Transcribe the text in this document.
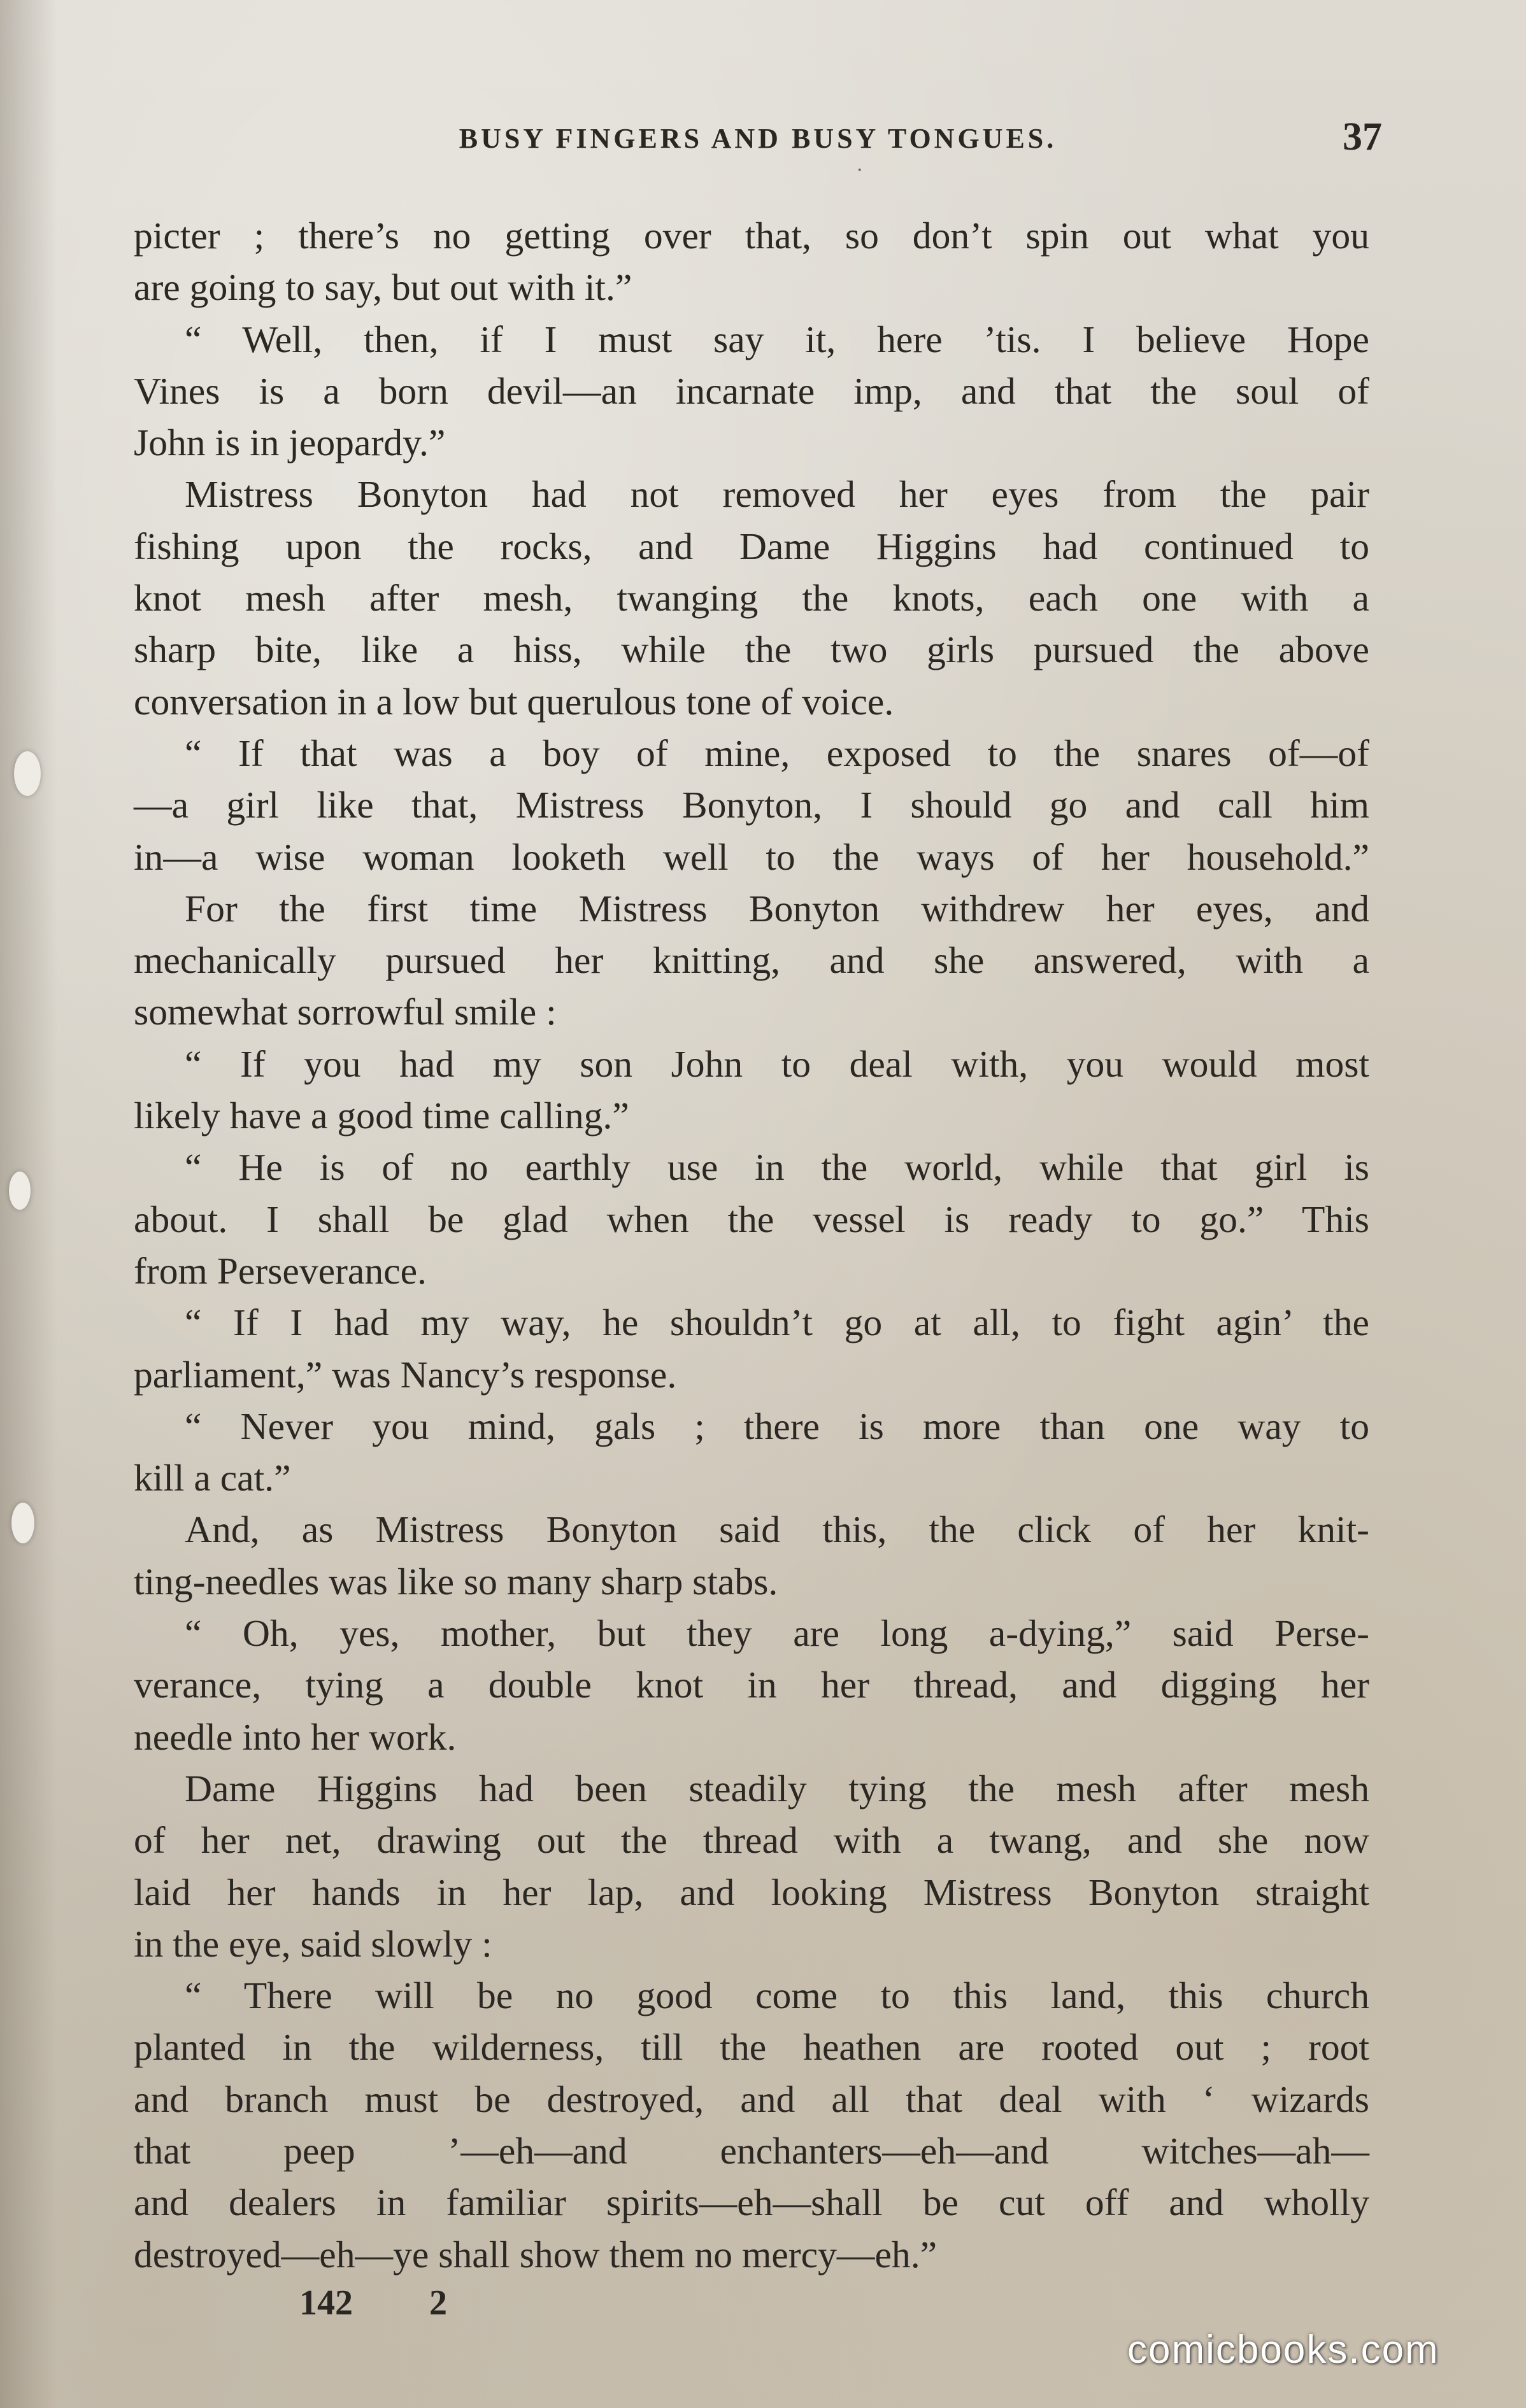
·
BUSY FINGERS AND BUSY TONGUES.	37
picter ; there’s no getting over that, so don’t spin out what you
are going to say, but out with it.”
“ Well, then, if I must say it, here ’tis. I believe Hope
Vines is a born devil—an incarnate imp, and that the soul of
John is in jeopardy.”
Mistress Bonyton had not removed her eyes from the pair
fishing upon the rocks, and Dame Higgins had continued to
knot mesh after mesh, twanging the knots, each one with a
sharp bite, like a hiss, while the two girls pursued the above
conversation in a low but querulous tone of voice.
“ If that was a boy of mine, exposed to the snares of—of
—a girl like that, Mistress Bonyton, I should go and call him
in—a wise woman looketh well to the ways of her household.”
For the first time Mistress Bonyton withdrew her eyes, and
mechanically pursued her knitting, and she answered, with a
somewhat sorrowful smile :
“ If you had my son John to deal with, you would most
likely have a good time calling.”
“ He is of no earthly use in the world, while that girl is
about. I shall be glad when the vessel is ready to go.” This
from Perseverance.
“ If I had my way, he shouldn’t go at all, to fight agin’ the
parliament,” was Nancy’s response.
“ Never you mind, gals ; there is more than one way to
kill a cat.”
And, as Mistress Bonyton said this, the click of her knit-
ting-needles was like so many sharp stabs.
“ Oh, yes, mother, but they are long a-dying,” said Perse-
verance, tying a double knot in her thread, and digging her
needle into her work.
Dame Higgins had been steadily tying the mesh after mesh
of her net, drawing out the thread with a twang, and she now
laid her hands in her lap, and looking Mistress Bonyton straight
in the eye, said slowly :
“ There will be no good come to this land, this church
planted in the wilderness, till the heathen are rooted out ; root
and branch must be destroyed, and all that deal with ‘ wizards
that peep ’—eh—and enchanters—eh—and witches—ah—
and dealers in familiar spirits—eh—shall be cut off and wholly
destroyed—eh—ye shall show them no mercy—eh.”
142 2
comicbooks.com
